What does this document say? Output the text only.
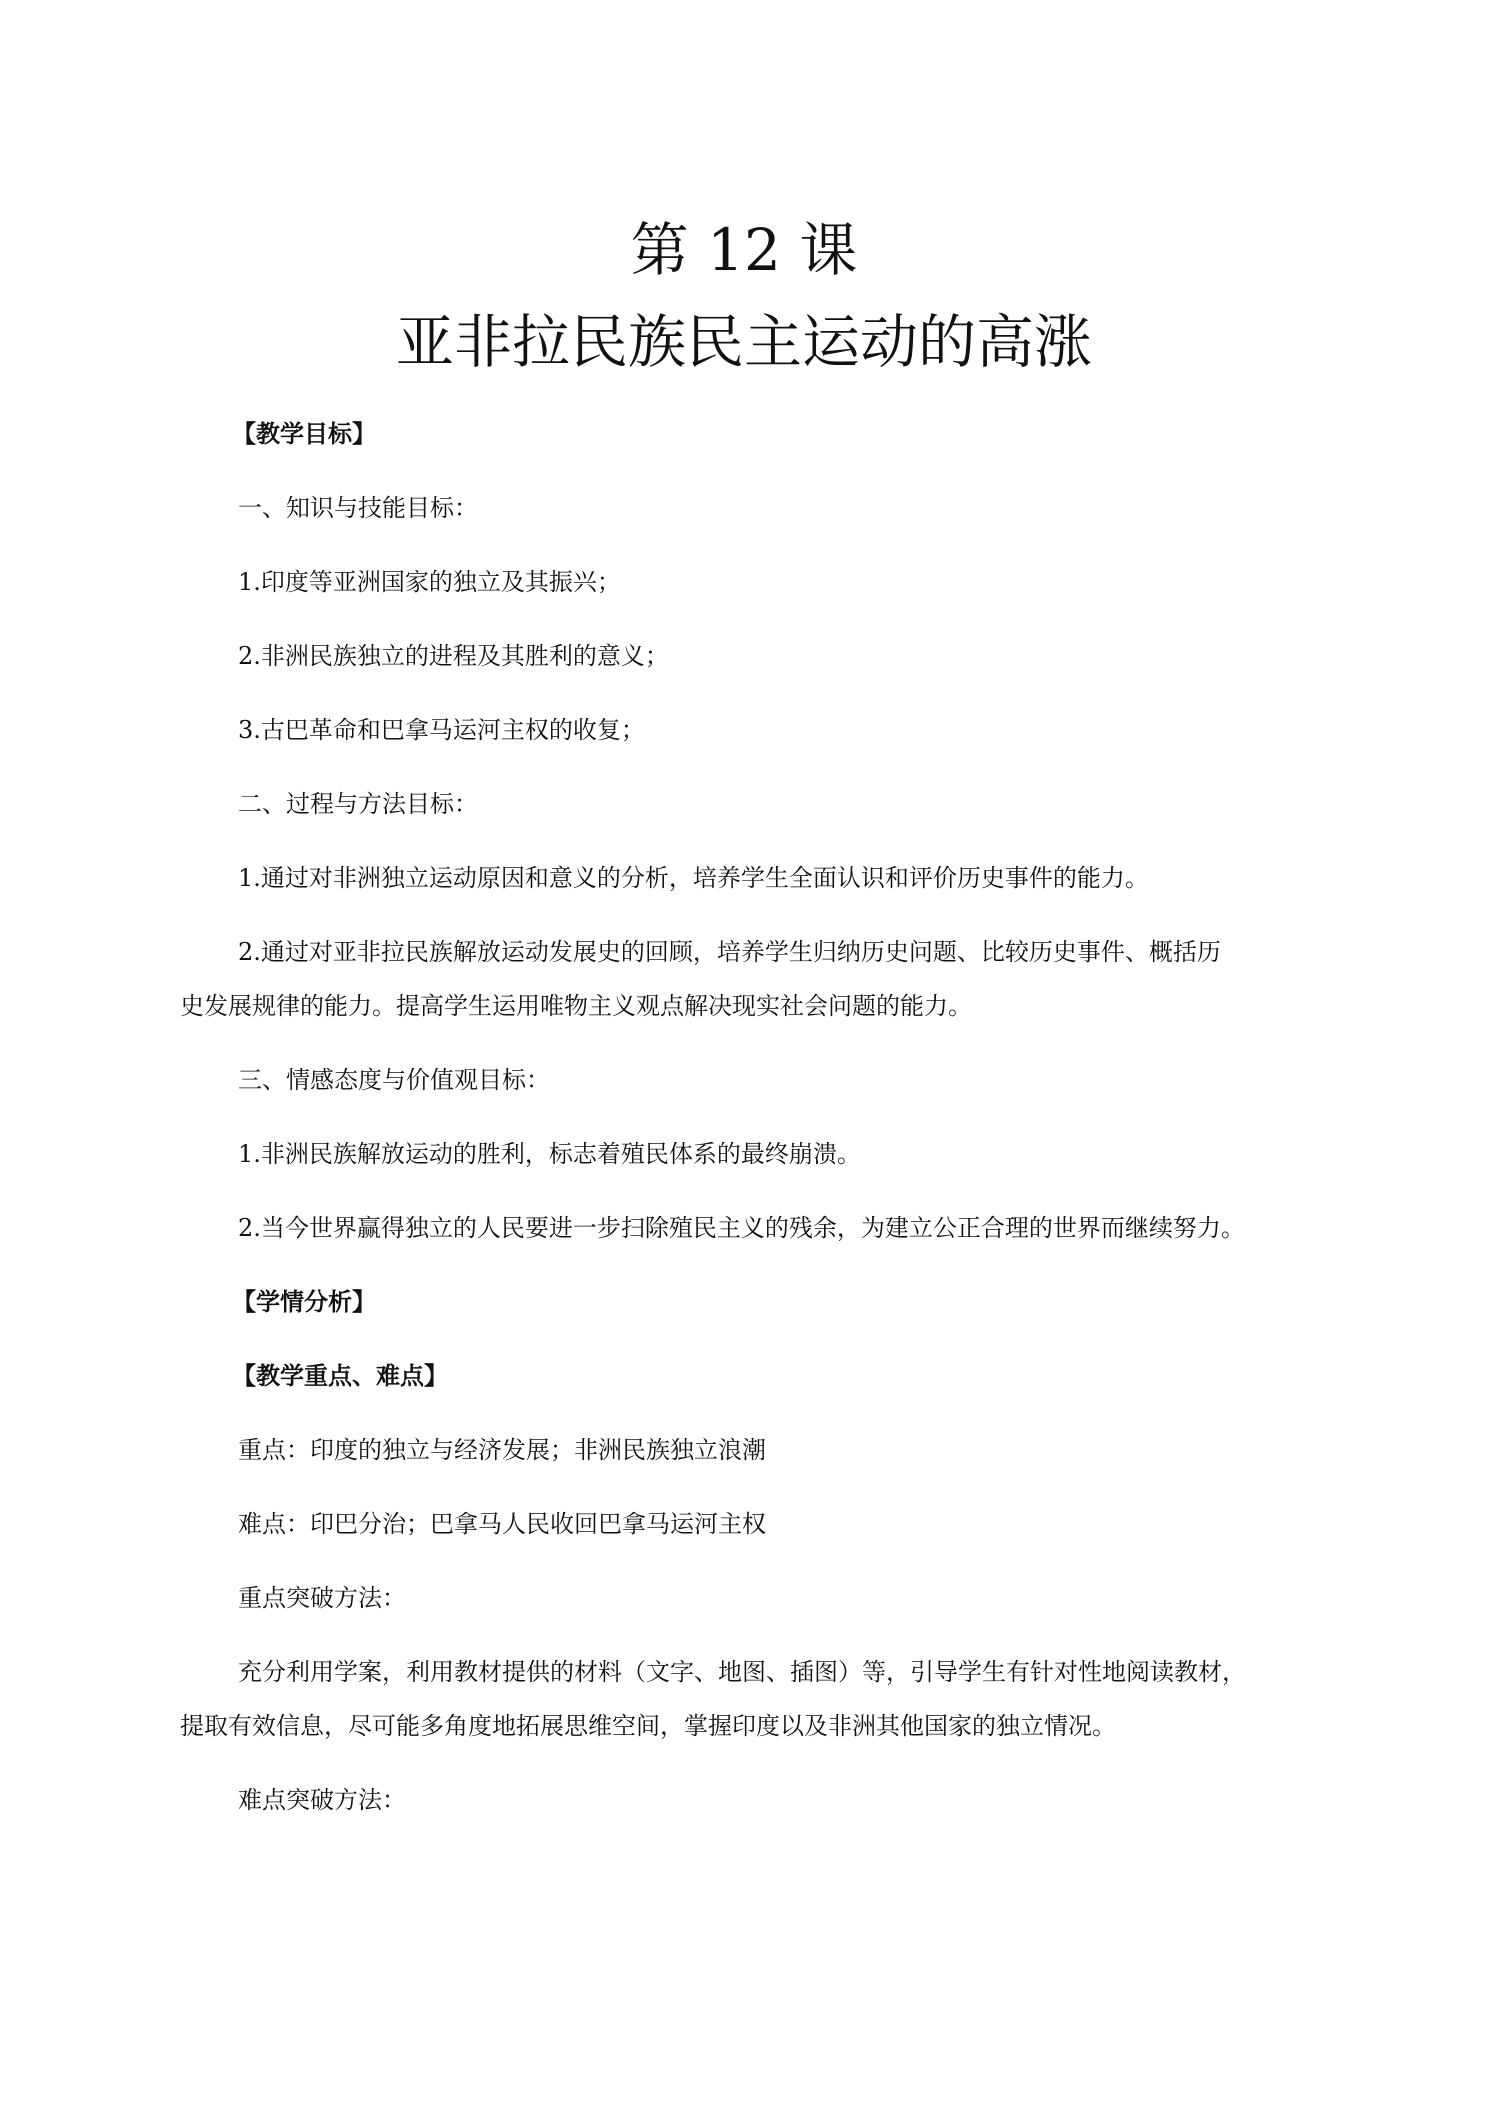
第 12 课
亚非拉民族民主运动的高涨
【教学目标】
一、知识与技能目标：
1.印度等亚洲国家的独立及其振兴；
2.非洲民族独立的进程及其胜利的意义；
3.古巴革命和巴拿马运河主权的收复；
二、过程与方法目标：
1.通过对非洲独立运动原因和意义的分析，培养学生全面认识和评价历史事件的能力。
2.通过对亚非拉民族解放运动发展史的回顾，培养学生归纳历史问题、比较历史事件、概括历
史发展规律的能力。提高学生运用唯物主义观点解决现实社会问题的能力。
三、情感态度与价值观目标：
1.非洲民族解放运动的胜利，标志着殖民体系的最终崩溃。
2.当今世界赢得独立的人民要进一步扫除殖民主义的残余，为建立公正合理的世界而继续努力。
【学情分析】
【教学重点、难点】
重点：印度的独立与经济发展；非洲民族独立浪潮
难点：印巴分治；巴拿马人民收回巴拿马运河主权
重点突破方法：
充分利用学案，利用教材提供的材料（文字、地图、插图）等，引导学生有针对性地阅读教材，
提取有效信息，尽可能多角度地拓展思维空间，掌握印度以及非洲其他国家的独立情况。
难点突破方法：
